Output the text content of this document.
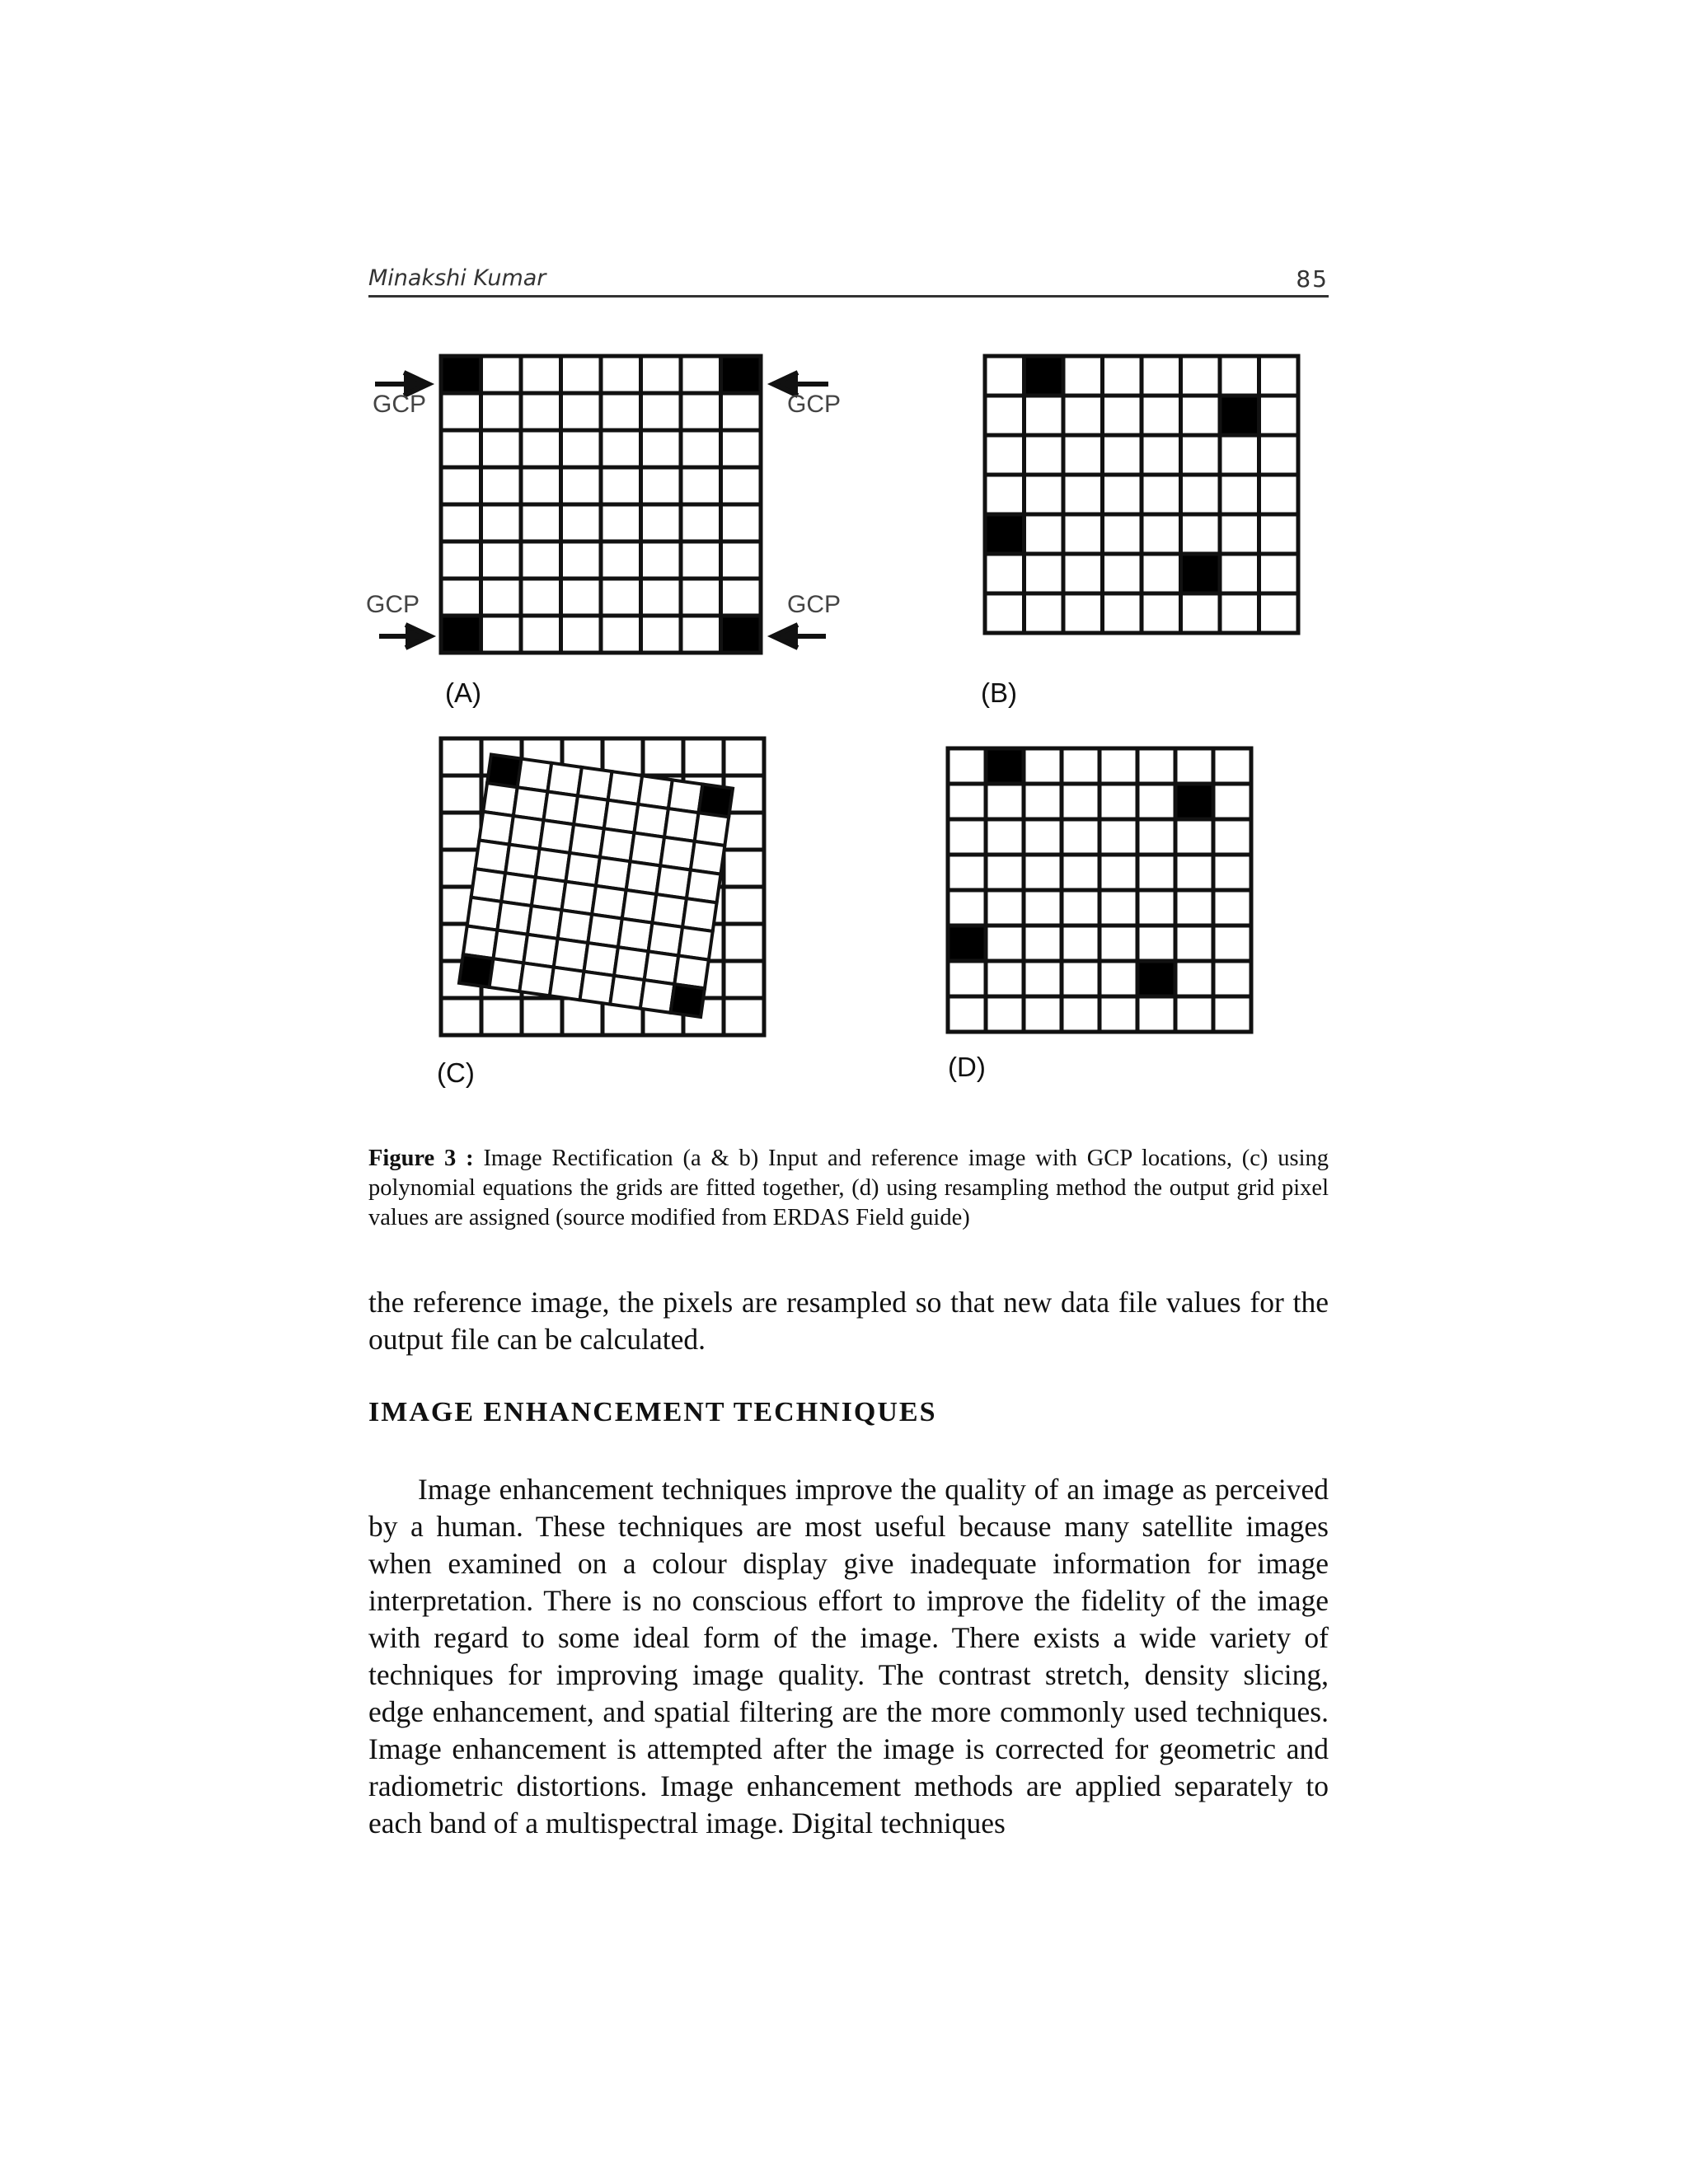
Minakshi Kumar	85
GCP	GCP
GCP	GCP
(A)	(B)
(C)	(D)
Figure 3 : Image Rectification (a & b) Input and reference image with GCP locations, (c) using polynomial equations the grids are fitted together, (d) using resampling method the output grid pixel values are assigned (source modified from ERDAS Field guide)
the reference image, the pixels are resampled so that new data file values for the output file can be calculated.
IMAGE ENHANCEMENT TECHNIQUES
Image enhancement techniques improve the quality of an image as perceived by a human. These techniques are most useful because many satellite images when examined on a colour display give inadequate information for image interpretation. There is no conscious effort to improve the fidelity of the image with regard to some ideal form of the image. There exists a wide variety of techniques for improving image quality. The contrast stretch, density slicing, edge enhancement, and spatial filtering are the more commonly used techniques. Image enhancement is attempted after the image is corrected for geometric and radiometric distortions. Image enhancement methods are applied separately to each band of a multispectral image. Digital techniques
